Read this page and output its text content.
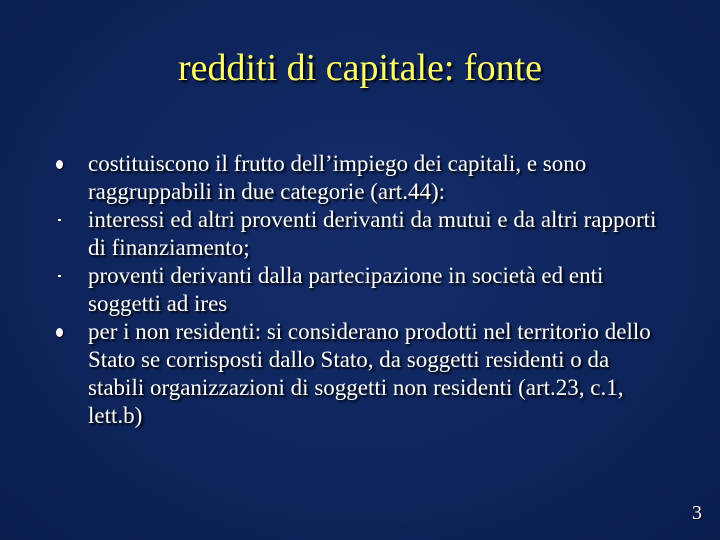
redditi di capitale: fonte
costituiscono il frutto dell’impiego dei capitali, e sono raggruppabili in due categorie (art.44):
interessi ed altri proventi derivanti da mutui e da altri rapporti di finanziamento;
proventi derivanti dalla partecipazione in società ed enti soggetti ad ires
per i non residenti: si considerano prodotti nel territorio dello Stato se corrisposti dallo Stato, da soggetti residenti o da stabili organizzazioni di soggetti non residenti (art.23, c.1, lett.b)
3
